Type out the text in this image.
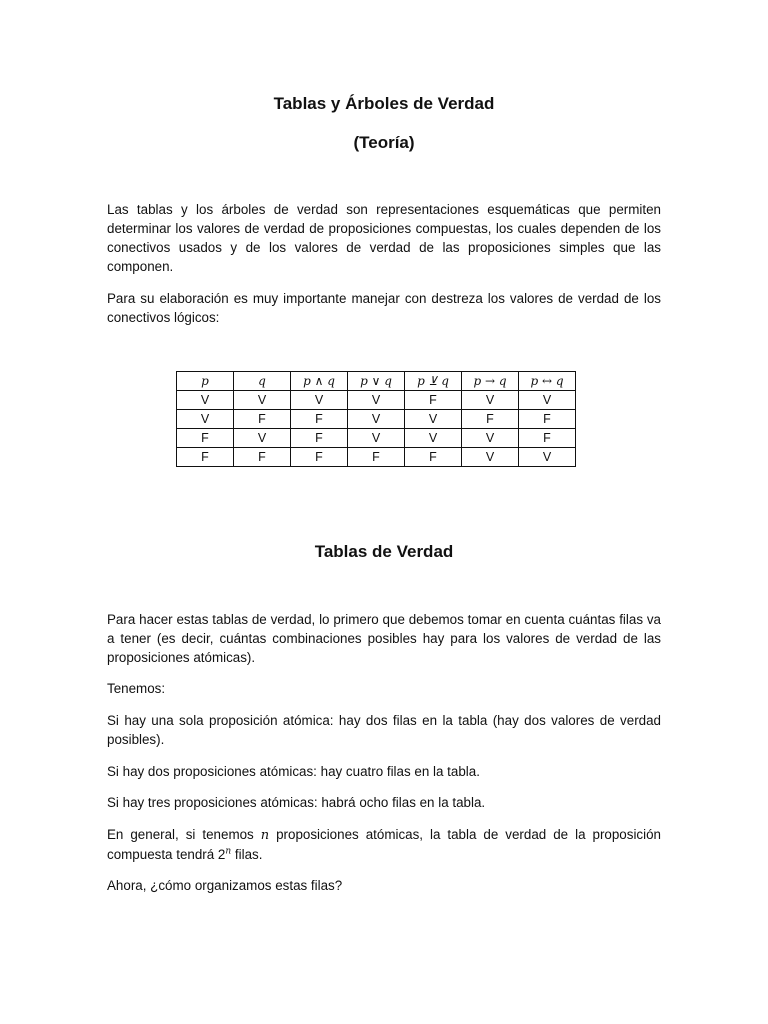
Tablas y Árboles de Verdad
(Teoría)

Las tablas y los árboles de verdad son representaciones esquemáticas que permiten determinar los valores de verdad de proposiciones compuestas, los cuales dependen de los conectivos usados y de los valores de verdad de las proposiciones simples que las componen.

Para su elaboración es muy importante manejar con destreza los valores de verdad de los conectivos lógicos:

p	q	p ∧ q	p ∨ q	p ⊻ q	p → q	p ↔ q
V	V	V	V	F	V	V
V	F	F	V	V	F	F
F	V	F	V	V	V	F
F	F	F	F	F	V	V
Tablas de Verdad

Para hacer estas tablas de verdad, lo primero que debemos tomar en cuenta cuántas filas va a tener (es decir, cuántas combinaciones posibles hay para los valores de verdad de las proposiciones atómicas).

Tenemos:

Si hay una sola proposición atómica: hay dos filas en la tabla (hay dos valores de verdad posibles).

Si hay dos proposiciones atómicas: hay cuatro filas en la tabla.

Si hay tres proposiciones atómicas: habrá ocho filas en la tabla.

En general, si tenemos n proposiciones atómicas, la tabla de verdad de la proposición compuesta tendrá 2$^n$ filas.

Ahora, ¿cómo organizamos estas filas?
